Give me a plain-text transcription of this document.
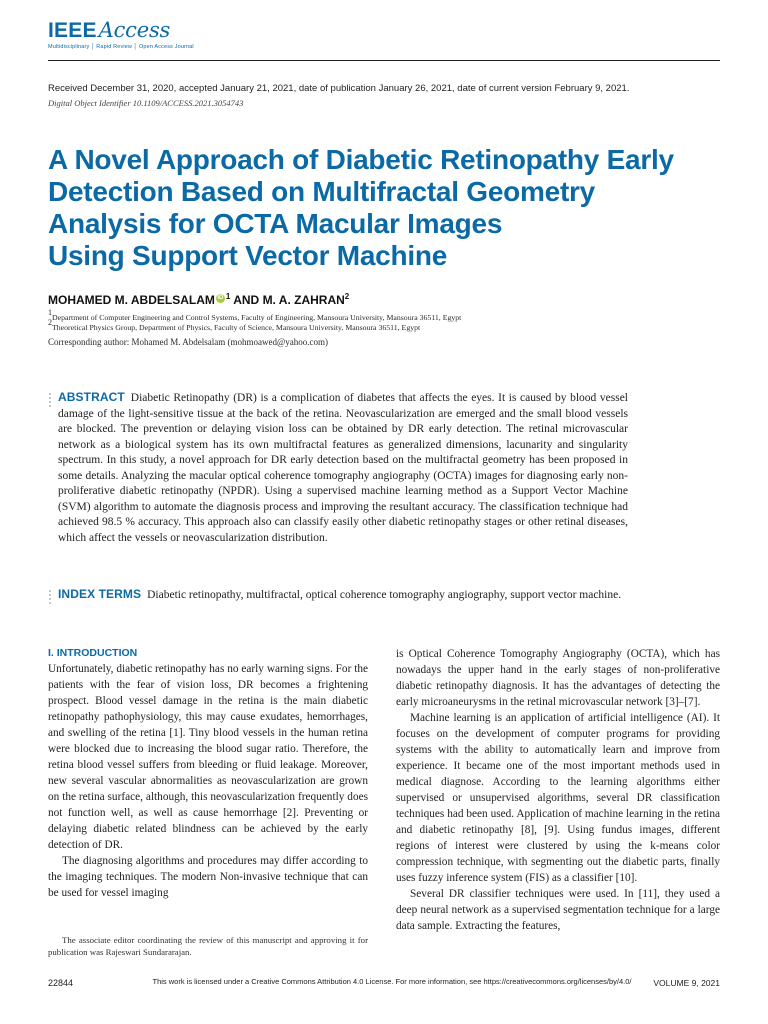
IEEEAccess
Multidisciplinary │ Rapid Review │ Open Access Journal
Received December 31, 2020, accepted January 21, 2021, date of publication January 26, 2021, date of current version February 9, 2021.
Digital Object Identifier 10.1109/ACCESS.2021.3054743
A Novel Approach of Diabetic Retinopathy Early
Detection Based on Multifractal Geometry
Analysis for OCTA Macular Images
Using Support Vector Machine
MOHAMED M. ABDELSALAM iD $^1$ AND M. A. ZAHRAN$^2$
1Department of Computer Engineering and Control Systems, Faculty of Engineering, Mansoura University, Mansoura 36511, Egypt
2Theoretical Physics Group, Department of Physics, Faculty of Science, Mansoura University, Mansoura 36511, Egypt
Corresponding author: Mohamed M. Abdelsalam (mohmoawed@yahoo.com)
ABSTRACT Diabetic Retinopathy (DR) is a complication of diabetes that affects the eyes. It is caused by blood vessel damage of the light-sensitive tissue at the back of the retina. Neovascularization are emerged and the small blood vessels are blocked. The prevention or delaying vision loss can be obtained by DR early detection. The retinal microvascular network as a biological system has its own multifractal features as generalized dimensions, lacunarity and singularity spectrum. In this study, a novel approach for DR early detection based on the multifractal geometry has been proposed in some details. Analyzing the macular optical coherence tomography angiography (OCTA) images for diagnosing early non-proliferative diabetic retinopathy (NPDR). Using a supervised machine learning method as a Support Vector Machine (SVM) algorithm to automate the diagnosis process and improving the resultant accuracy. The classification technique had achieved 98.5 % accuracy. This approach also can classify easily other diabetic retinopathy stages or other retinal diseases, which affect the vessels or neovascularization distribution.
INDEX TERMS Diabetic retinopathy, multifractal, optical coherence tomography angiography, support vector machine.
I. INTRODUCTION

Unfortunately, diabetic retinopathy has no early warning signs. For the patients with the fear of vision loss, DR becomes a frightening prospect. Blood vessel damage in the retina is the main diabetic retinopathy pathophysiology, this may cause exudates, hemorrhages, and swelling of the retina [1]. Tiny blood vessels in the human retina were blocked due to increasing the blood sugar ratio. Therefore, the retina blood vessel suffers from bleeding or fluid leakage. Moreover, new several vascular abnormalities as neovascularization are grown on the retina surface, although, this neovascularization frequently does not function well, as well as cause hemorrhage [2]. Preventing or delaying diabetic related blindness can be achieved by the early detection of DR.

The diagnosing algorithms and procedures may differ according to the imaging techniques. The modern Non-invasive technique that can be used for vessel imaging

is Optical Coherence Tomography Angiography (OCTA), which has nowadays the upper hand in the early stages of non-proliferative diabetic retinopathy diagnosis. It has the advantages of detecting the early microaneurysms in the retinal microvascular network [3]–[7].

Machine learning is an application of artificial intelligence (AI). It focuses on the development of computer programs for providing systems with the ability to automatically learn and improve from experience. It became one of the most important methods used in medical diagnose. According to the learning algorithms either supervised or unsupervised algorithms, several DR classification techniques had been used. Application of machine learning in the retina and diabetic retinopathy [8], [9]. Using fundus images, different regions of interest were clustered by using the k-means color compression technique, with segmenting out the diabetic parts, finally uses fuzzy inference system (FIS) as a classifier [10].

Several DR classifier techniques were used. In [11], they used a deep neural network as a supervised segmentation technique for a large data sample. Extracting the features,

The associate editor coordinating the review of this manuscript and approving it for publication was Rajeswari Sundararajan.
22844	This work is licensed under a Creative Commons Attribution 4.0 License. For more information, see https://creativecommons.org/licenses/by/4.0/	VOLUME 9, 2021
